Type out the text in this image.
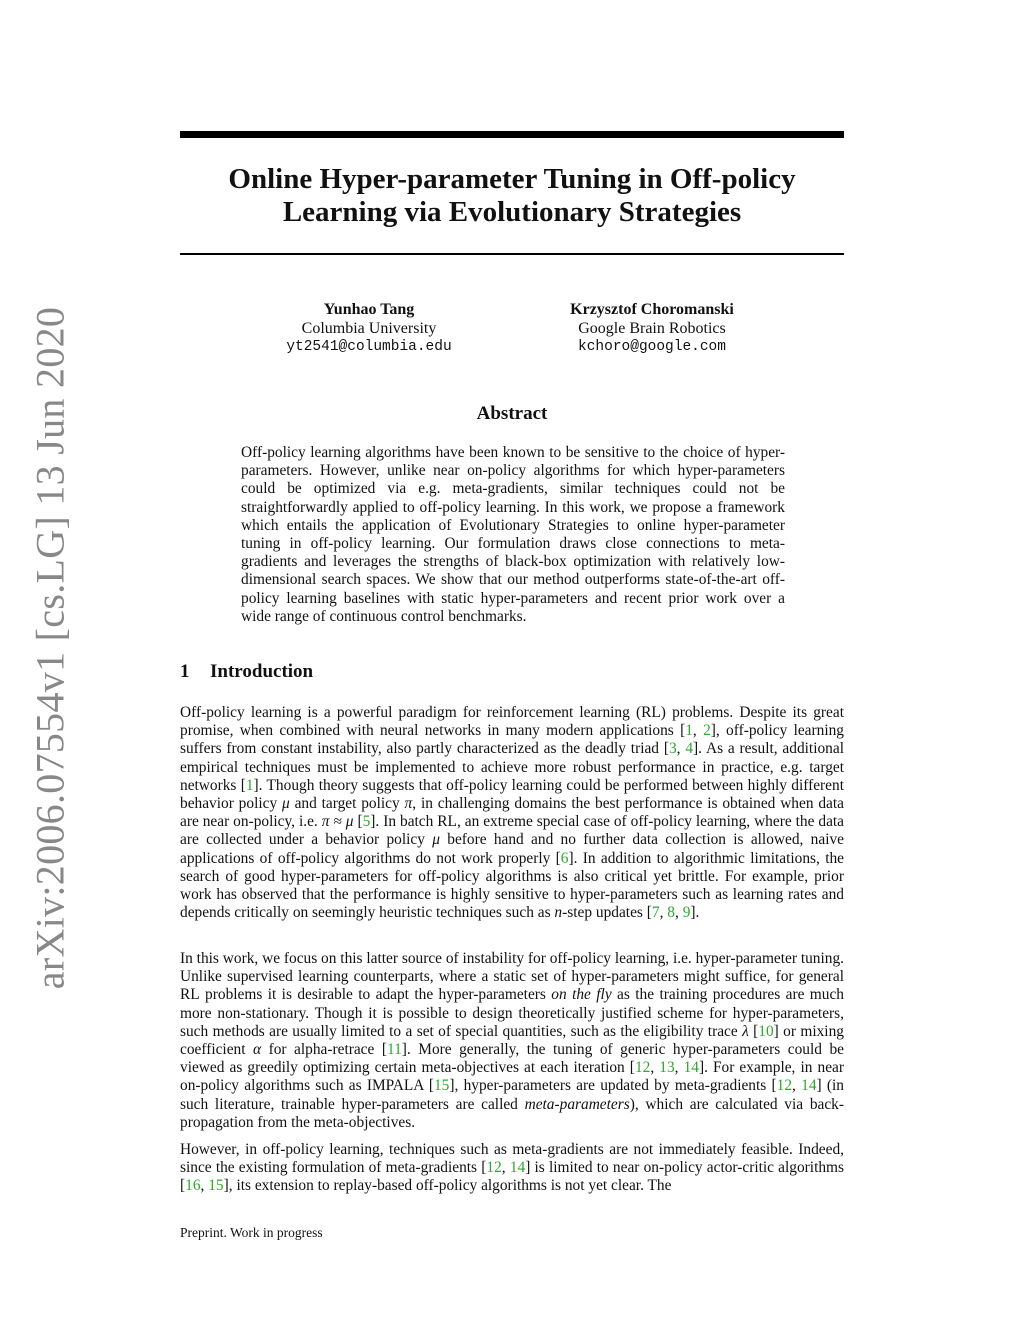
arXiv:2006.07554v1 [cs.LG] 13 Jun 2020
Online Hyper-parameter Tuning in Off-policy
Learning via Evolutionary Strategies
Yunhao Tang
Columbia University
yt2541@columbia.edu
Krzysztof Choromanski
Google Brain Robotics
kchoro@google.com
Abstract
Off-policy learning algorithms have been known to be sensitive to the choice of hyper-parameters. However, unlike near on-policy algorithms for which hyper-parameters could be optimized via e.g. meta-gradients, similar techniques could not be straightforwardly applied to off-policy learning. In this work, we propose a framework which entails the application of Evolutionary Strategies to online hyper-parameter tuning in off-policy learning. Our formulation draws close connections to meta-gradients and leverages the strengths of black-box optimization with relatively low-dimensional search spaces. We show that our method outperforms state-of-the-art off-policy learning baselines with static hyper-parameters and recent prior work over a wide range of continuous control benchmarks.
1 Introduction

Off-policy learning is a powerful paradigm for reinforcement learning (RL) problems. Despite its great promise, when combined with neural networks in many modern applications [1, 2], off-policy learning suffers from constant instability, also partly characterized as the deadly triad [3, 4]. As a result, additional empirical techniques must be implemented to achieve more robust performance in practice, e.g. target networks [1]. Though theory suggests that off-policy learning could be performed between highly different behavior policy μ and target policy π, in challenging domains the best performance is obtained when data are near on-policy, i.e. π ≈ μ [5]. In batch RL, an extreme special case of off-policy learning, where the data are collected under a behavior policy μ before hand and no further data collection is allowed, naive applications of off-policy algorithms do not work properly [6]. In addition to algorithmic limitations, the search of good hyper-parameters for off-policy algorithms is also critical yet brittle. For example, prior work has observed that the performance is highly sensitive to hyper-parameters such as learning rates and depends critically on seemingly heuristic techniques such as n-step updates [7, 8, 9].

In this work, we focus on this latter source of instability for off-policy learning, i.e. hyper-parameter tuning. Unlike supervised learning counterparts, where a static set of hyper-parameters might suffice, for general RL problems it is desirable to adapt the hyper-parameters on the fly as the training procedures are much more non-stationary. Though it is possible to design theoretically justified scheme for hyper-parameters, such methods are usually limited to a set of special quantities, such as the eligibility trace λ [10] or mixing coefficient α for alpha-retrace [11]. More generally, the tuning of generic hyper-parameters could be viewed as greedily optimizing certain meta-objectives at each iteration [12, 13, 14]. For example, in near on-policy algorithms such as IMPALA [15], hyper-parameters are updated by meta-gradients [12, 14] (in such literature, trainable hyper-parameters are called meta-parameters), which are calculated via back-propagation from the meta-objectives.

However, in off-policy learning, techniques such as meta-gradients are not immediately feasible. Indeed, since the existing formulation of meta-gradients [12, 14] is limited to near on-policy actor-critic algorithms [16, 15], its extension to replay-based off-policy algorithms is not yet clear. The

Preprint. Work in progress
